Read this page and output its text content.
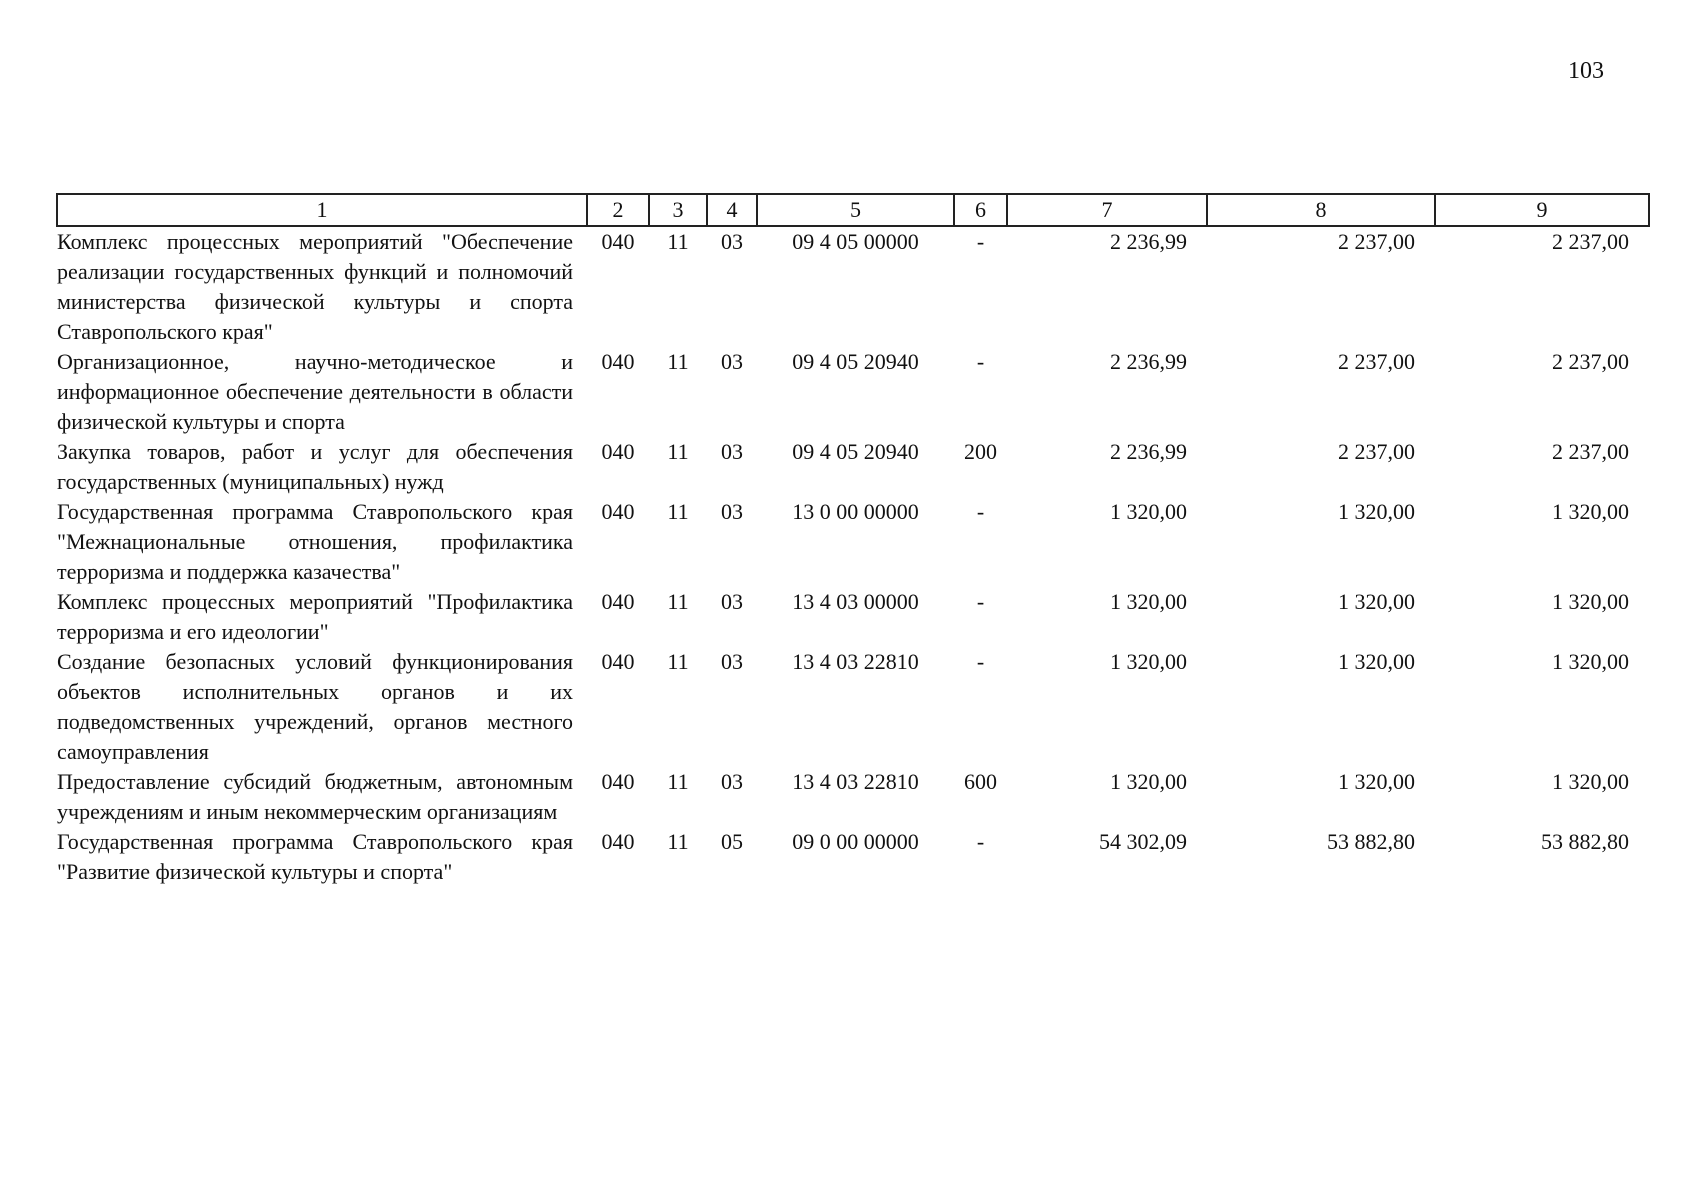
103
1	2	3	4	5	6	7	8	9
Комплекс процессных мероприятий "Обеспечение реализации государственных функций и полномочий министерства физической культуры и спорта Ставропольского края"	040	11	03	09 4 05 00000	-	2 236,99	2 237,00	2 237,00
Организационное, научно-методическое и информационное обеспечение деятельности в области физической культуры и спорта	040	11	03	09 4 05 20940	-	2 236,99	2 237,00	2 237,00
Закупка товаров, работ и услуг для обеспечения государственных (муниципальных) нужд	040	11	03	09 4 05 20940	200	2 236,99	2 237,00	2 237,00
Государственная программа Ставропольского края "Межнациональные отношения, профилактика терроризма и поддержка казачества"	040	11	03	13 0 00 00000	-	1 320,00	1 320,00	1 320,00
Комплекс процессных мероприятий "Профилактика терроризма и его идеологии"	040	11	03	13 4 03 00000	-	1 320,00	1 320,00	1 320,00
Создание безопасных условий функционирования объектов исполнительных органов и их подведомственных учреждений, органов местного самоуправления	040	11	03	13 4 03 22810	-	1 320,00	1 320,00	1 320,00
Предоставление субсидий бюджетным, автономным учреждениям и иным некоммерческим организациям	040	11	03	13 4 03 22810	600	1 320,00	1 320,00	1 320,00
Государственная программа Ставропольского края "Развитие физической культуры и спорта"	040	11	05	09 0 00 00000	-	54 302,09	53 882,80	53 882,80
